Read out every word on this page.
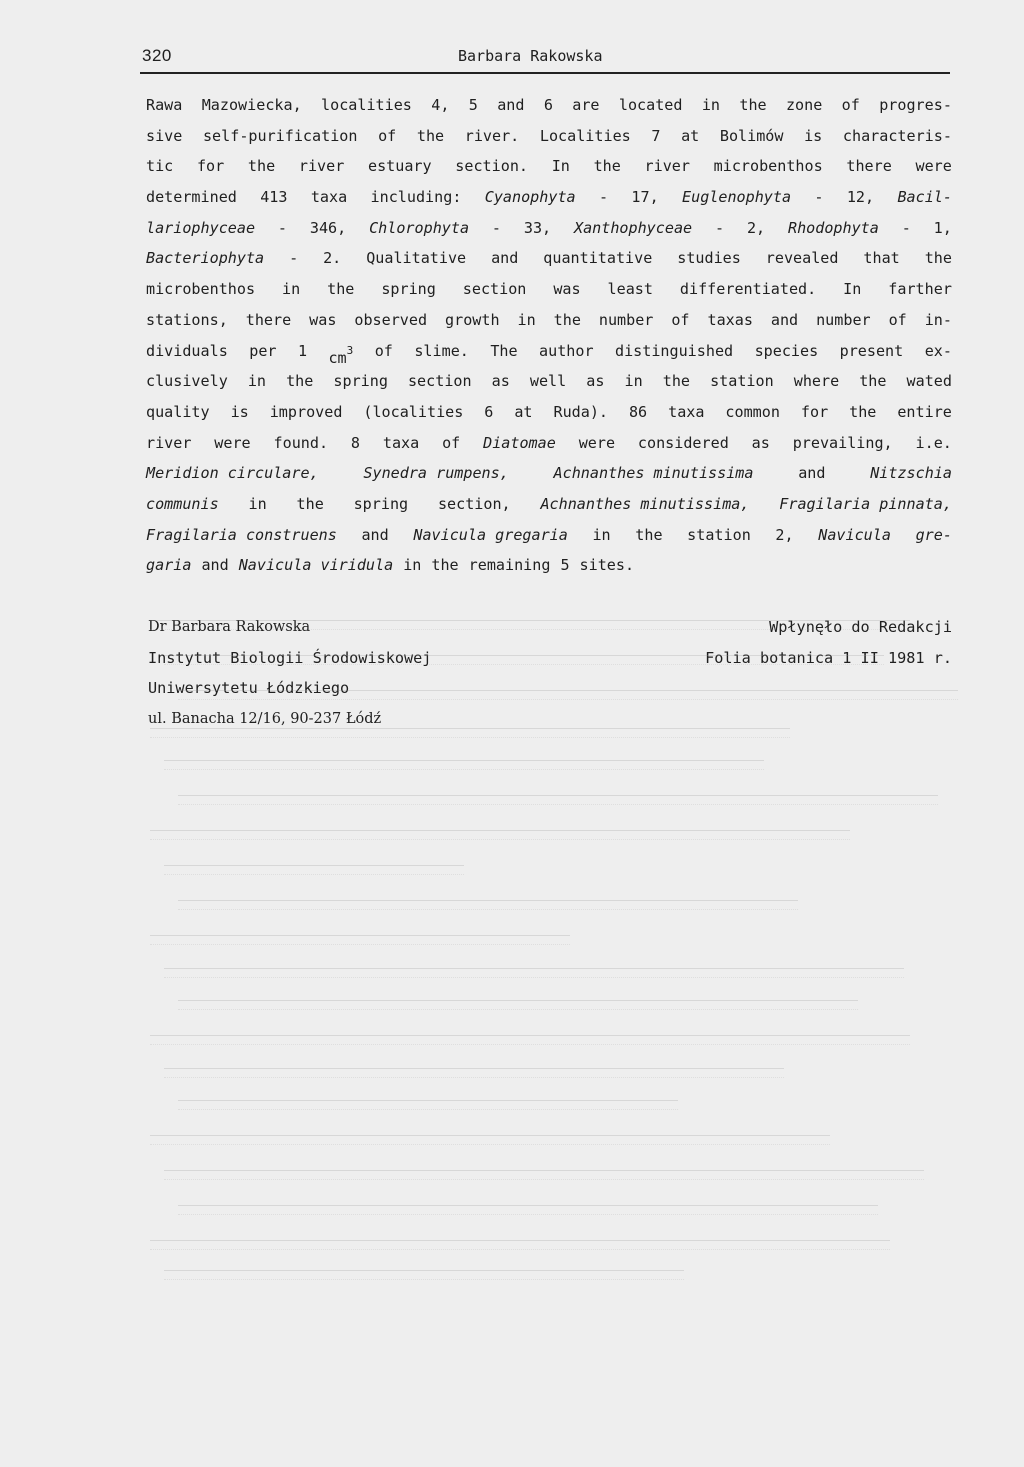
320	Barbara Rakowska
Rawa Mazowiecka, localities 4, 5 and 6 are located in the zone of progres-
sive self-purification of the river. Localities 7 at Bolimów is characteris-
tic for the river estuary section. In the river microbenthos there were
determined 413 taxa including: Cyanophyta - 17, Euglenophyta - 12, Bacil-
lariophyceae - 346, Chlorophyta - 33, Xanthophyceae - 2, Rhodophyta - 1,
Bacteriophyta - 2. Qualitative and quantitative studies revealed that the
microbenthos in the spring section was least differentiated. In farther
stations, there was observed growth in the number of taxas and number of in-
dividuals per 1 $cm^3$ of slime. The author distinguished species present ex-
clusively in the spring section as well as in the station where the wated
quality is improved (localities 6 at Ruda). 86 taxa common for the entire
river were found. 8 taxa of Diatomae were considered as prevailing, i.e.
Meridion circulare,	Synedra rumpens,	Achnanthes minutissima	and	Nitzschia
communis in the spring section, Achnanthes minutissima, Fragilaria pinnata,
Fragilaria construens and Navicula gregaria in the station 2, Navicula gre-
garia and Navicula viridula in the remaining 5 sites.
Dr Barbara Rakowska
Instytut Biologii Środowiskowej
Uniwersytetu Łódzkiego
ul. Banacha 12/16, 90-237 Łódź
Wpłynęło do Redakcji
Folia botanica 1 II 1981 r.
